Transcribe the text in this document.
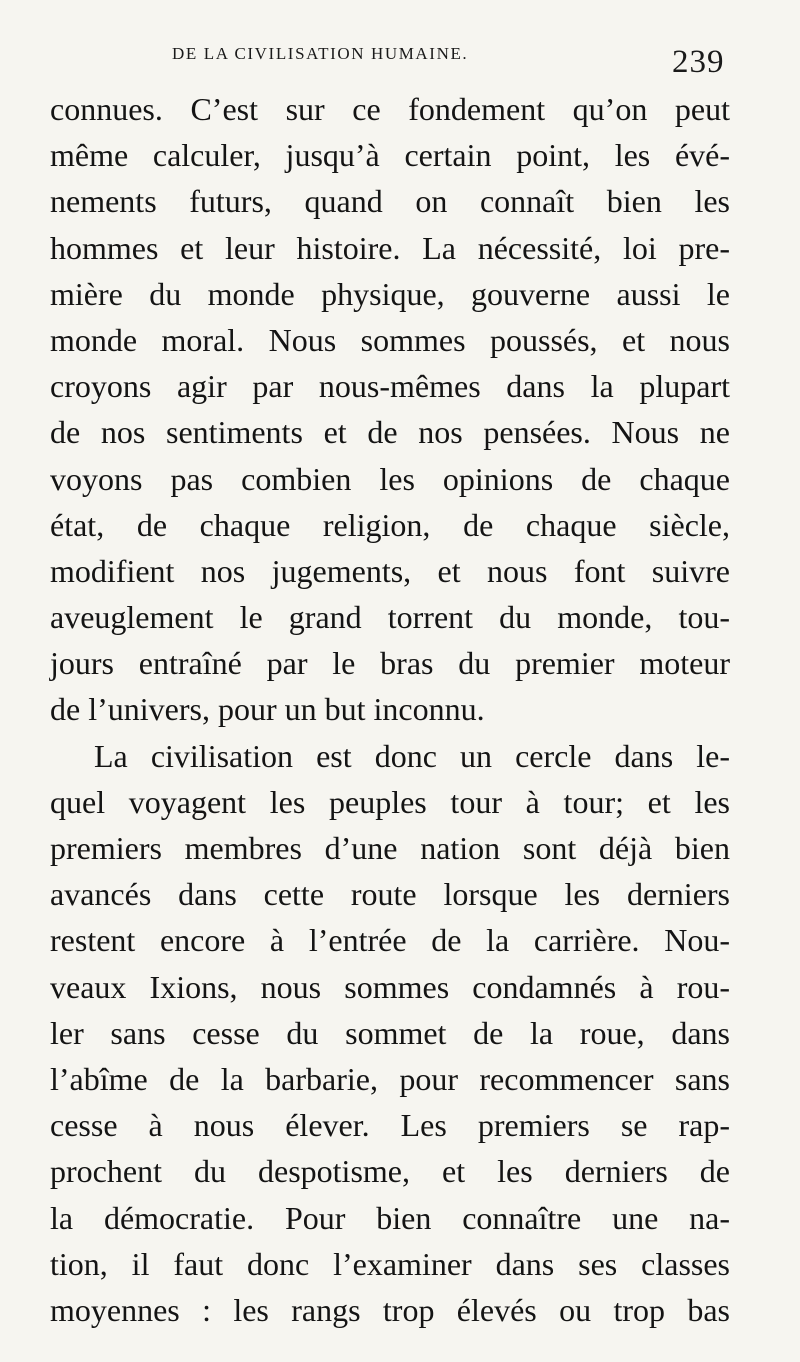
DE LA CIVILISATION HUMAINE.	239
connues. C’est sur ce fondement qu’on peut
même calculer, jusqu’à certain point, les évé-
nements futurs, quand on connaît bien les
hommes et leur histoire. La nécessité, loi pre-
mière du monde physique, gouverne aussi le
monde moral. Nous sommes poussés, et nous
croyons agir par nous-mêmes dans la plupart
de nos sentiments et de nos pensées. Nous ne
voyons pas combien les opinions de chaque
état, de chaque religion, de chaque siècle,
modifient nos jugements, et nous font suivre
aveuglement le grand torrent du monde, tou-
jours entraîné par le bras du premier moteur
de l’univers, pour un but inconnu.
La civilisation est donc un cercle dans le-
quel voyagent les peuples tour à tour; et les
premiers membres d’une nation sont déjà bien
avancés dans cette route lorsque les derniers
restent encore à l’entrée de la carrière. Nou-
veaux Ixions, nous sommes condamnés à rou-
ler sans cesse du sommet de la roue, dans
l’abîme de la barbarie, pour recommencer sans
cesse à nous élever. Les premiers se rap-
prochent du despotisme, et les derniers de
la démocratie. Pour bien connaître une na-
tion, il faut donc l’examiner dans ses classes
moyennes : les rangs trop élevés ou trop bas
